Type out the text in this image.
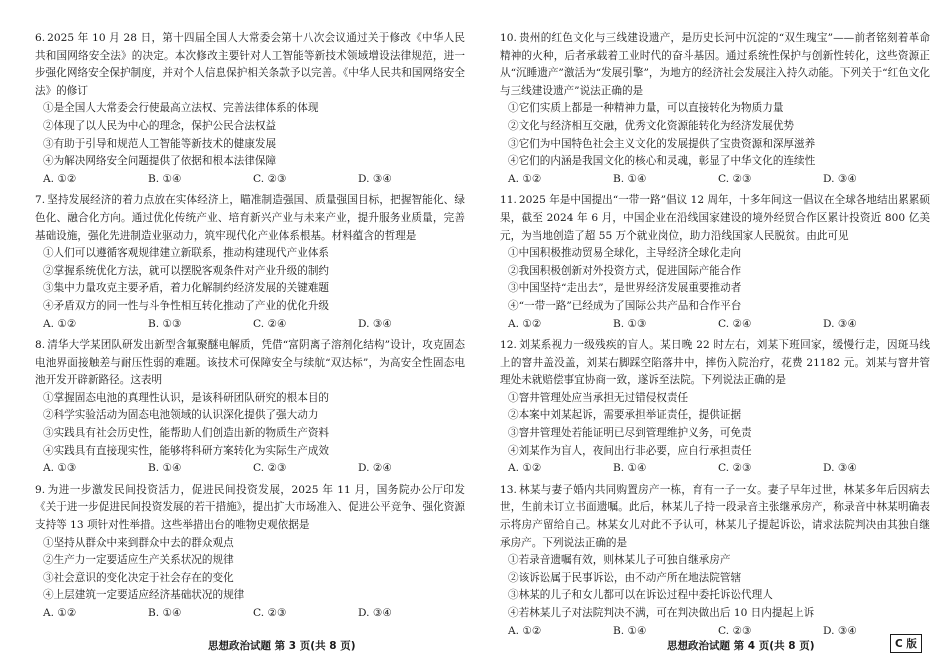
6. 2025 年 10 月 28 日，第十四届全国人大常委会第十八次会议通过关于修改《中华人民共和国网络安全法》的决定。本次修改主要针对人工智能等新技术领域增设法律规范，进一步强化网络安全保护制度，并对个人信息保护相关条款予以完善。《中华人民共和国网络安全法》的修订

①是全国人大常委会行使最高立法权、完善法律体系的体现

②体现了以人民为中心的理念，保护公民合法权益

③有助于引导和规范人工智能等新技术的健康发展

④为解决网络安全问题提供了依据和根本法律保障

A. ①②	B. ①④	C. ②③	D. ③④

7. 坚持发展经济的着力点放在实体经济上，瞄准制造强国、质量强国目标，把握智能化、绿色化、融合化方向。通过优化传统产业、培育新兴产业与未来产业，提升服务业质量，完善基础设施，强化先进制造业驱动力，筑牢现代化产业体系根基。材料蕴含的哲理是

①人们可以遵循客观规律建立新联系，推动构建现代产业体系

②掌握系统优化方法，就可以摆脱客观条件对产业升级的制约

③集中力量攻克主要矛盾，着力化解制约经济发展的关键难题

④矛盾双方的同一性与斗争性相互转化推动了产业的优化升级

A. ①②	B. ①③	C. ②④	D. ③④

8. 清华大学某团队研发出新型含氟聚醚电解质，凭借“富阴离子溶剂化结构”设计，攻克固态电池界面接触差与耐压性弱的难题。该技术可保障安全与续航“双达标”，为高安全性固态电池开发开辟新路径。这表明

①掌握固态电池的真理性认识，是该科研团队研究的根本目的

②科学实验活动为固态电池领域的认识深化提供了强大动力

③实践具有社会历史性，能帮助人们创造出新的物质生产资料

④实践具有直接现实性，能够将科研方案转化为实际生产成效

A. ①③	B. ①④	C. ②③	D. ②④

9. 为进一步激发民间投资活力，促进民间投资发展，2025 年 11 月，国务院办公厅印发《关于进一步促进民间投资发展的若干措施》，提出扩大市场准入、促进公平竞争、强化资源支持等 13 项针对性举措。这些举措出台的唯物史观依据是

①坚持从群众中来到群众中去的群众观点

②生产力一定要适应生产关系状况的规律

③社会意识的变化决定于社会存在的变化

④上层建筑一定要适应经济基础状况的规律

A. ①②	B. ①④	C. ②③	D. ③④

10. 贵州的红色文化与三线建设遗产，是历史长河中沉淀的“双生瑰宝”——前者铭刻着革命精神的火种，后者承载着工业时代的奋斗基因。通过系统性保护与创新性转化，这些资源正从“沉睡遗产”激活为“发展引擎”，为地方的经济社会发展注入持久动能。下列关于“红色文化与三线建设遗产”说法正确的是

①它们实质上都是一种精神力量，可以直接转化为物质力量

②文化与经济相互交融，优秀文化资源能转化为经济发展优势

③它们为中国特色社会主义文化的发展提供了宝贵资源和深厚滋养

④它们的内涵是我国文化的核心和灵魂，彰显了中华文化的连续性

A. ①②	B. ①④	C. ②③	D. ③④

11. 2025 年是中国提出“一带一路”倡议 12 周年，十多年间这一倡议在全球各地结出累累硕果，截至 2024 年 6 月，中国企业在沿线国家建设的境外经贸合作区累计投资近 800 亿美元，为当地创造了超 55 万个就业岗位，助力沿线国家人民脱贫。由此可见

①中国积极推动贸易全球化，主导经济全球化走向

②我国积极创新对外投资方式，促进国际产能合作

③中国坚持“走出去”，是世界经济发展重要推动者

④“一带一路”已经成为了国际公共产品和合作平台

A. ①②	B. ①③	C. ②④	D. ③④

12. 刘某系视力一级残疾的盲人。某日晚 22 时左右，刘某下班回家，缓慢行走，因斑马线上的窨井盖没盖，刘某右脚踩空陷落井中，摔伤入院治疗，花费 21182 元。刘某与窨井管理处未就赔偿事宜协商一致，遂诉至法院。下列说法正确的是

①窨井管理处应当承担无过错侵权责任

②本案中刘某起诉，需要承担举证责任，提供证据

③窨井管理处若能证明已尽到管理维护义务，可免责

④刘某作为盲人，夜间出行非必要，应自行承担责任

A. ①②	B. ①④	C. ②③	D. ③④

13. 林某与妻子婚内共同购置房产一栋，育有一子一女。妻子早年过世，林某多年后因病去世，生前未订立书面遗嘱。此后，林某儿子持一段录音主张继承房产，称录音中林某明确表示将房产留给自己。林某女儿对此不予认可，林某儿子提起诉讼，请求法院判决由其独自继承房产。下列说法正确的是

①若录音遗嘱有效，则林某儿子可独自继承房产

②该诉讼属于民事诉讼，由不动产所在地法院管辖

③林某的儿子和女儿都可以在诉讼过程中委托诉讼代理人

④若林某儿子对法院判决不满，可在判决做出后 10 日内提起上诉

A. ①②	B. ①④	C. ②③	D. ③④
思想政治试题 第 3 页(共 8 页)	思想政治试题 第 4 页(共 8 页)	C 版
